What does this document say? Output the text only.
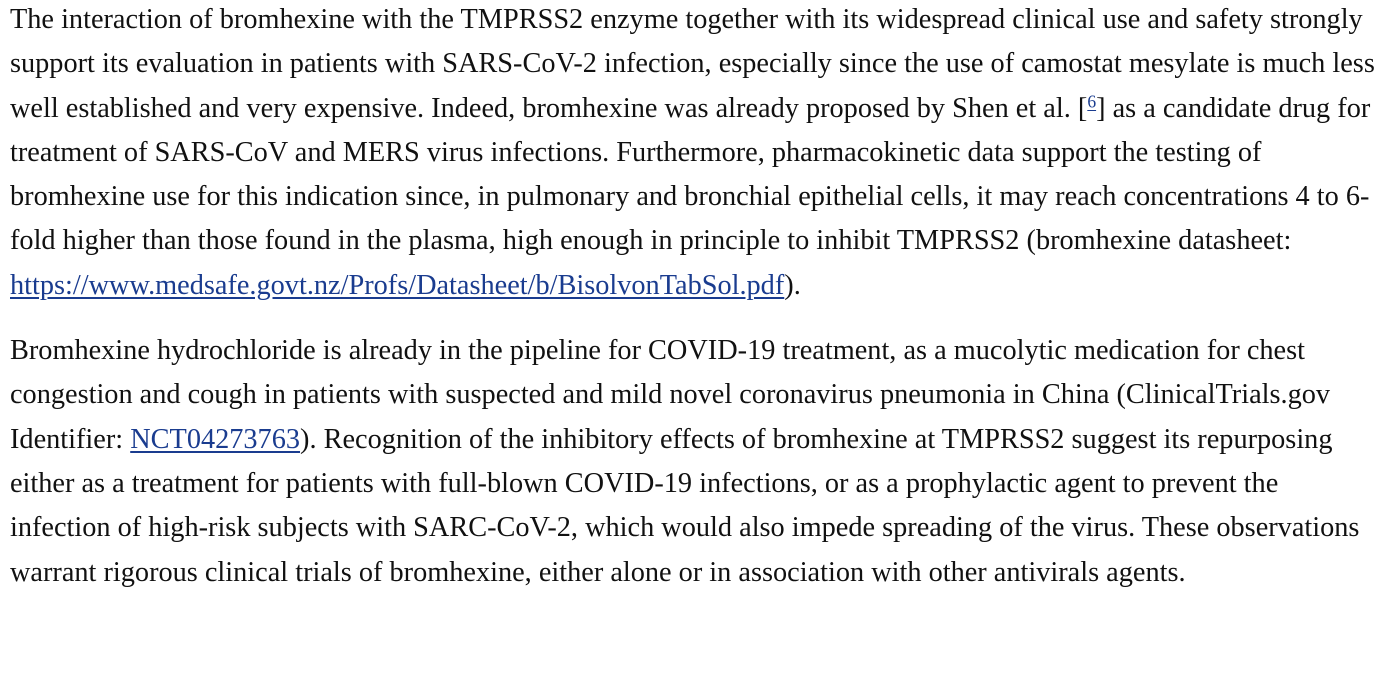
The interaction of bromhexine with the TMPRSS2 enzyme together with its widespread clinical use and safety strongly support its evaluation in patients with SARS-CoV-2 infection, especially since the use of camostat mesylate is much less well established and very expensive. Indeed, bromhexine was already proposed by Shen et al. [$^6$] as a candidate drug for treatment of SARS-CoV and MERS virus infections. Furthermore, pharmacokinetic data support the testing of bromhexine use for this indication since, in pulmonary and bronchial epithelial cells, it may reach concentrations 4 to 6-fold higher than those found in the plasma, high enough in principle to inhibit TMPRSS2 (bromhexine datasheet: https://www.medsafe.govt.nz/Profs/Datasheet/b/BisolvonTabSol.pdf).

Bromhexine hydrochloride is already in the pipeline for COVID-19 treatment, as a mucolytic medication for chest congestion and cough in patients with suspected and mild novel coronavirus pneumonia in China (ClinicalTrials.gov Identifier: NCT04273763). Recognition of the inhibitory effects of bromhexine at TMPRSS2 suggest its repurposing either as a treatment for patients with full-blown COVID-19 infections, or as a prophylactic agent to prevent the infection of high-risk subjects with SARC-CoV-2, which would also impede spreading of the virus. These observations warrant rigorous clinical trials of bromhexine, either alone or in association with other antivirals agents.
